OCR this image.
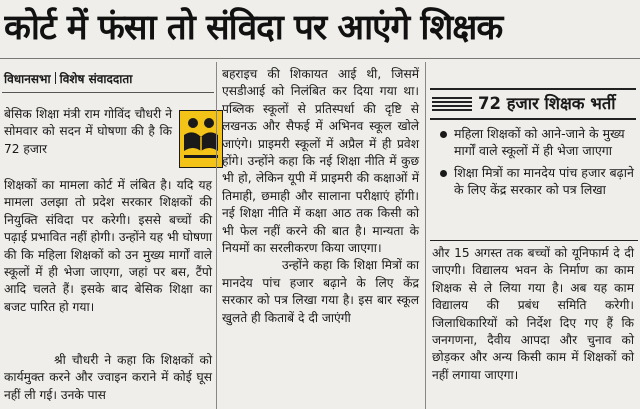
कोर्ट में फंसा तो संविदा पर आएंगे शिक्षक
विधानसभा विशेष संवाददाता

बेसिक शिक्षा मंत्री राम गोविंद चौधरी ने सोमवार को सदन में घोषणा की है कि 72 हजार

शिक्षकों का मामला कोर्ट में लंबित है। यदि यह मामला उलझा तो प्रदेश सरकार शिक्षकों की नियुक्ति संविदा पर करेगी। इससे बच्चों की पढ़ाई प्रभावित नहीं होगी। उन्होंने यह भी घोषणा की कि महिला शिक्षकों को उन मुख्य मार्गों वाले स्कूलों में ही भेजा जाएगा, जहां पर बस, टैंपो आदि चलते हैं। इसके बाद बेसिक शिक्षा का बजट पारित हो गया।

श्री चौधरी ने कहा कि शिक्षकों को कार्यमुक्त करने और ज्वाइन कराने में कोई घूस नहीं ली गई। उनके पास

बहराइच की शिकायत आई थी, जिसमें एसडीआई को निलंबित कर दिया गया था। पब्लिक स्कूलों से प्रतिस्पर्धा की दृष्टि से लखनऊ और सैफई में अभिनव स्कूल खोले जाएंगे। प्राइमरी स्कूलों में अप्रैल में ही प्रवेश होंगे। उन्होंने कहा कि नई शिक्षा नीति में कुछ भी हो, लेकिन यूपी में प्राइमरी की कक्षाओं में तिमाही, छमाही और सालाना परीक्षाएं होंगी। नई शिक्षा नीति में कक्षा आठ तक किसी को भी फेल नहीं करने की बात है। मान्यता के नियमों का सरलीकरण किया जाएगा।

उन्होंने कहा कि शिक्षा मित्रों का मानदेय पांच हजार बढ़ाने के लिए केंद्र सरकार को पत्र लिखा गया है। इस बार स्कूल खुलते ही किताबें दे दी जाएंगी

72 हजार शिक्षक भर्ती
महिला शिक्षकों को आने-जाने के मुख्य मार्गों वाले स्कूलों में ही भेजा जाएगा
शिक्षा मित्रों का मानदेय पांच हजार बढ़ाने के लिए केंद्र सरकार को पत्र लिखा

और 15 अगस्त तक बच्चों को यूनिफार्म दे दी जाएगी। विद्यालय भवन के निर्माण का काम शिक्षक से ले लिया गया है। अब यह काम विद्यालय की प्रबंध समिति करेगी। जिलाधिकारियों को निर्देश दिए गए हैं कि जनगणना, दैवीय आपदा और चुनाव को छोड़कर और अन्य किसी काम में शिक्षकों को नहीं लगाया जाएगा।
